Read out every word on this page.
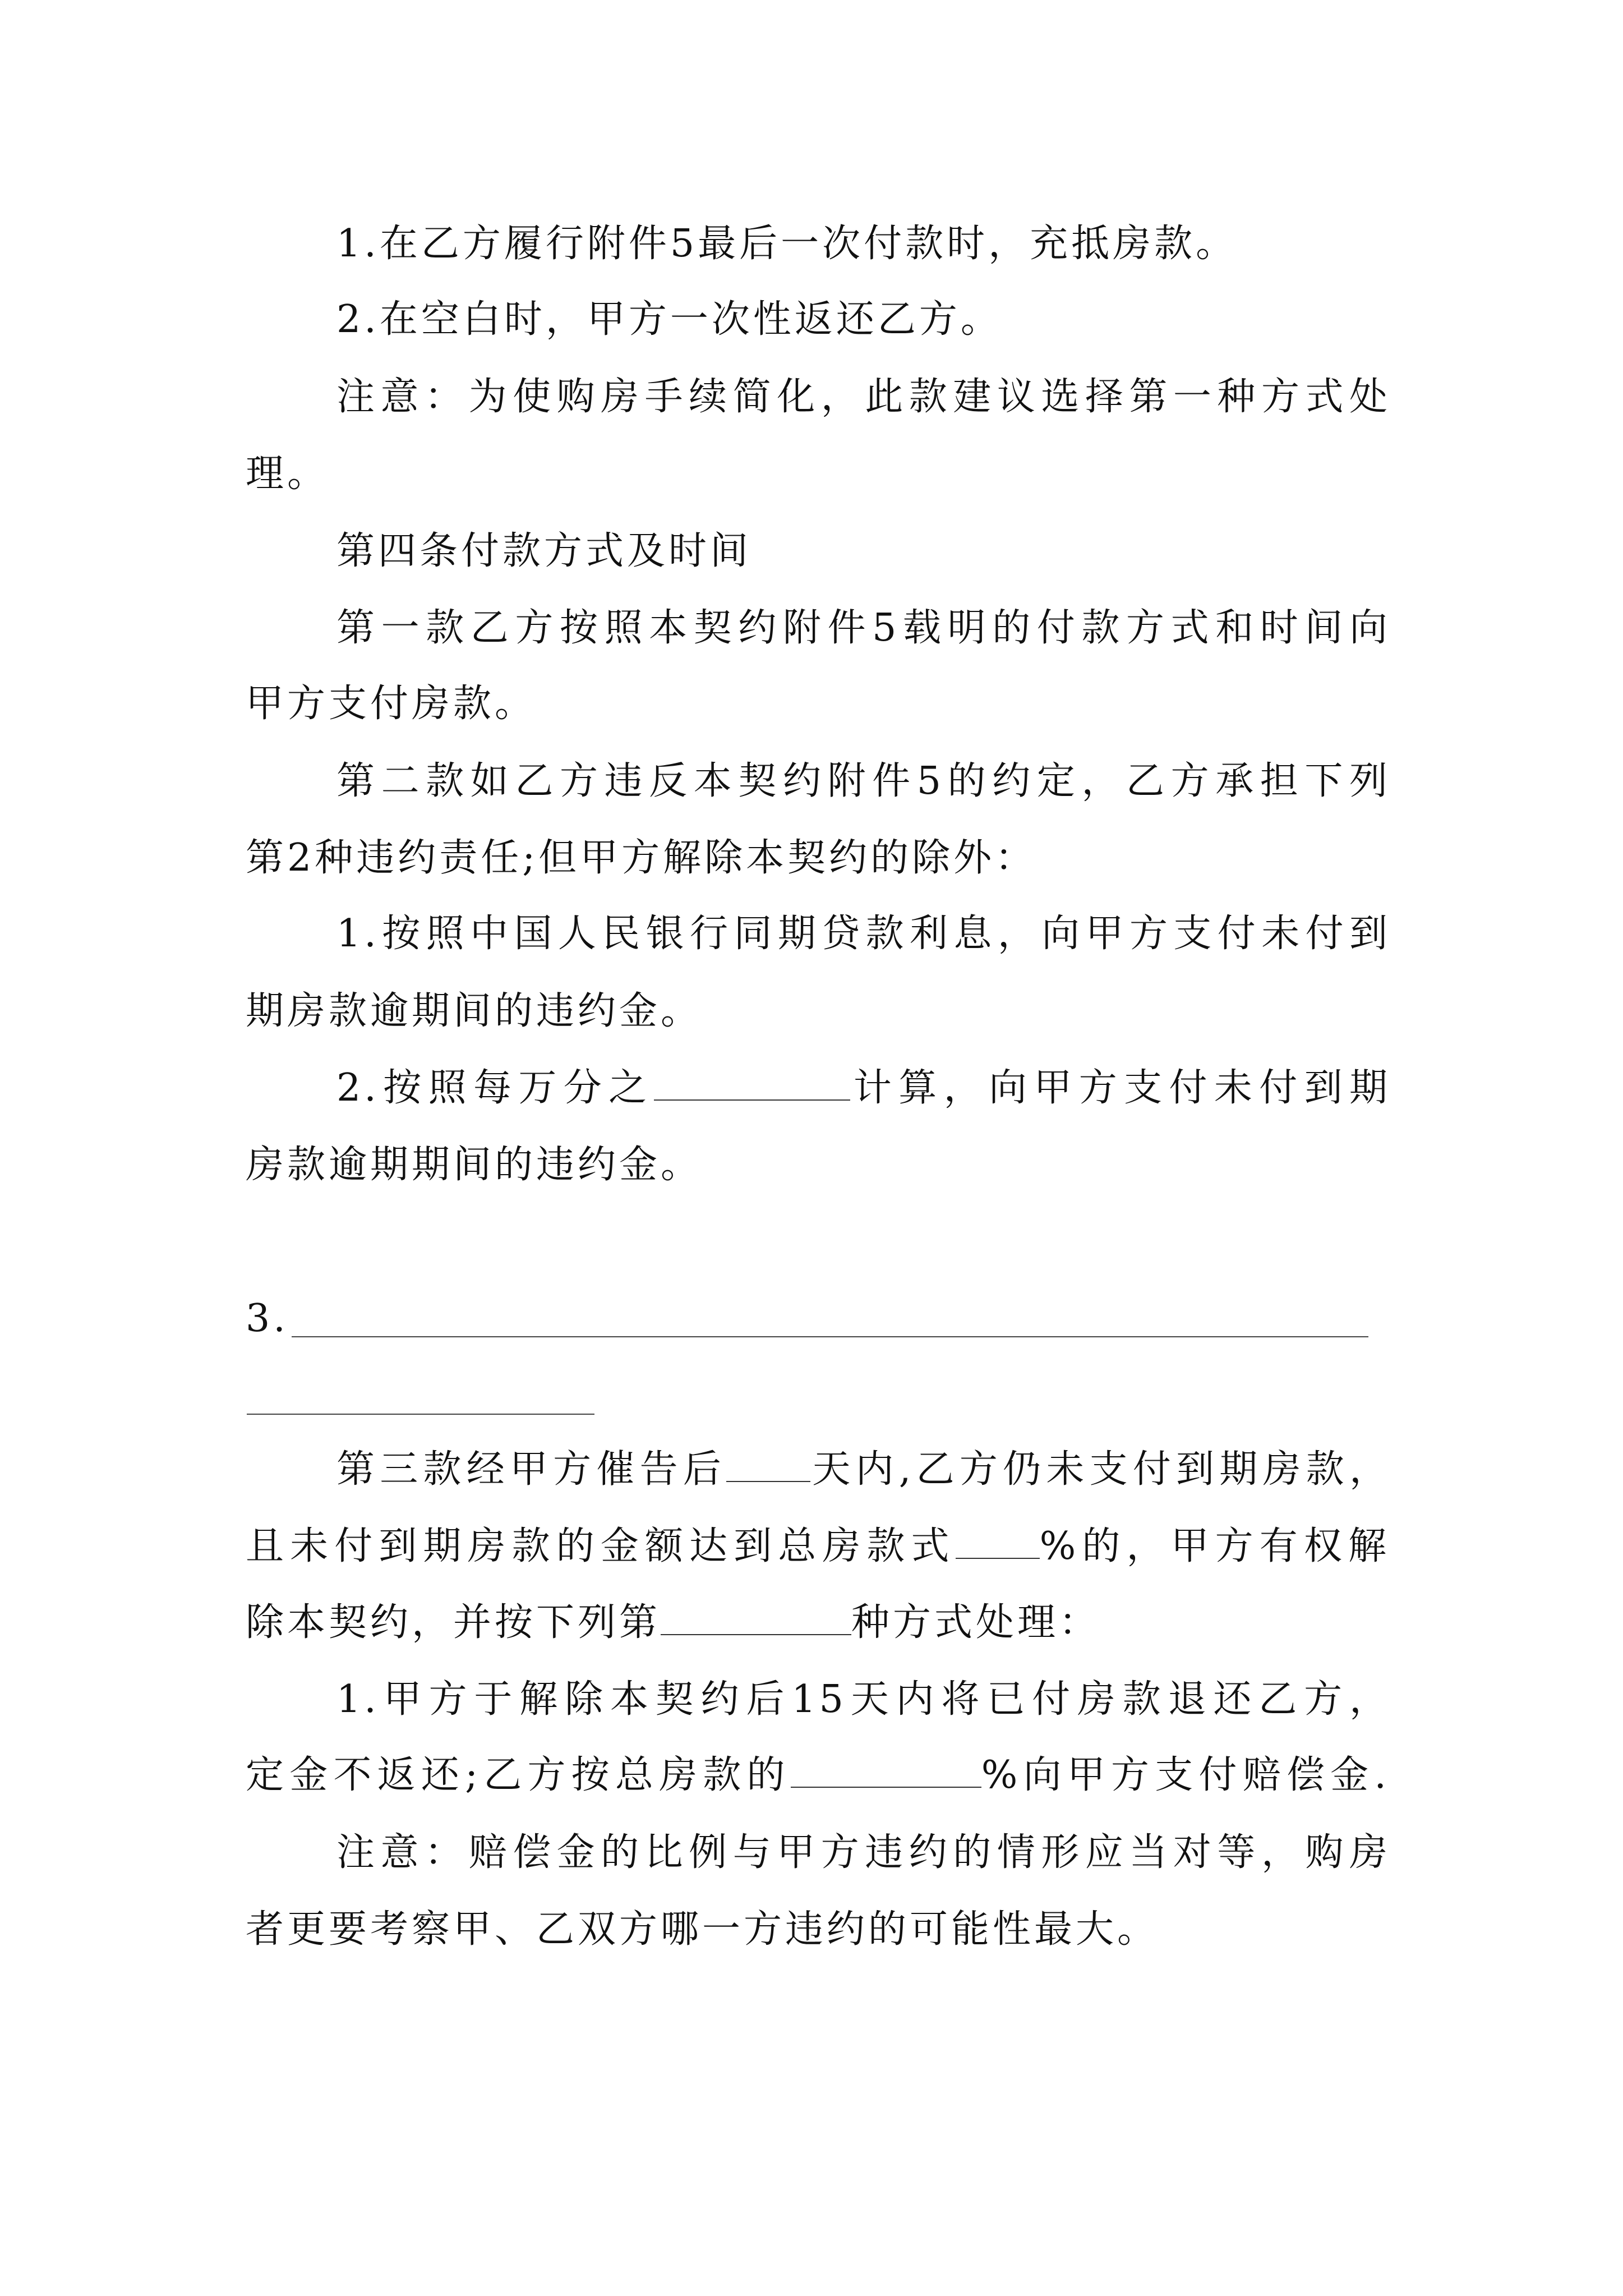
1.在乙方履行附件5最后一次付款时，充抵房款。
2.在空白时，甲方一次性返还乙方。
注意：为使购房手续简化，此款建议选择第一种方式处
理。
第四条付款方式及时间
第一款乙方按照本契约附件5载明的付款方式和时间向
甲方支付房款。
第二款如乙方违反本契约附件5的约定，乙方承担下列
第2种违约责任;但甲方解除本契约的除外：
1.按照中国人民银行同期贷款利息，向甲方支付未付到
期房款逾期间的违约金。
2.按照每万分之	计算，向甲方支付未付到期
房款逾期期间的违约金。
3.
第三款经甲方催告后 天内,乙方仍未支付到期房款，
且未付到期房款的金额达到总房款式 %的，甲方有权解
除本契约，并按下列第	种方式处理：
1.甲方于解除本契约后15天内将已付房款退还乙方，
定金不返还;乙方按总房款的	%向甲方支付赔偿金.
注意：赔偿金的比例与甲方违约的情形应当对等，购房
者更要考察甲、乙双方哪一方违约的可能性最大。
